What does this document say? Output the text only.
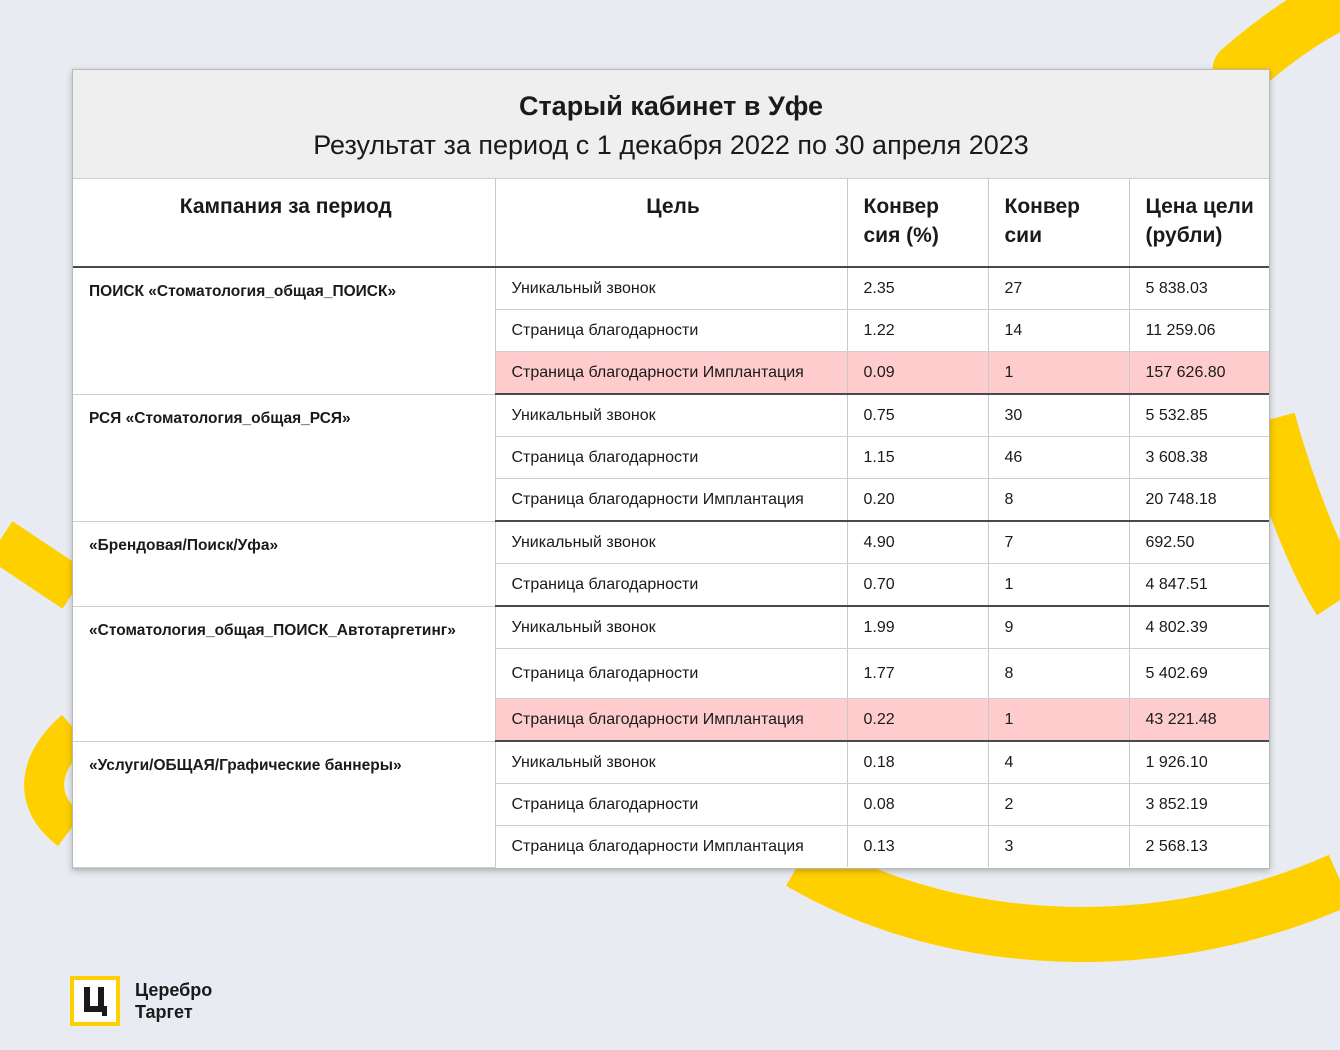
Старый кабинет в Уфе
Результат за период с 1 декабря 2022 по 30 апреля 2023
Кампания за период	Цель	Конвер сия (%)	Конвер сии	Цена цели (рубли)
ПОИСК «Стоматология_общая_ПОИСК»	Уникальный звонок	2.35	27	5 838.03
	Страница благодарности	1.22	14	11 259.06
	Страница благодарности Имплантация	0.09	1	157 626.80
РСЯ «Стоматология_общая_РСЯ»	Уникальный звонок	0.75	30	5 532.85
	Страница благодарности	1.15	46	3 608.38
	Страница благодарности Имплантация	0.20	8	20 748.18
«Брендовая/Поиск/Уфа»	Уникальный звонок	4.90	7	692.50
	Страница благодарности	0.70	1	4 847.51
«Стоматология_общая_ПОИСК_Автотаргетинг»	Уникальный звонок	1.99	9	4 802.39
	Страница благодарности	1.77	8	5 402.69
	Страница благодарности Имплантация	0.22	1	43 221.48
«Услуги/ОБЩАЯ/Графические баннеры»	Уникальный звонок	0.18	4	1 926.10
	Страница благодарности	0.08	2	3 852.19
	Страница благодарности Имплантация	0.13	3	2 568.13
Церебро
Таргет
